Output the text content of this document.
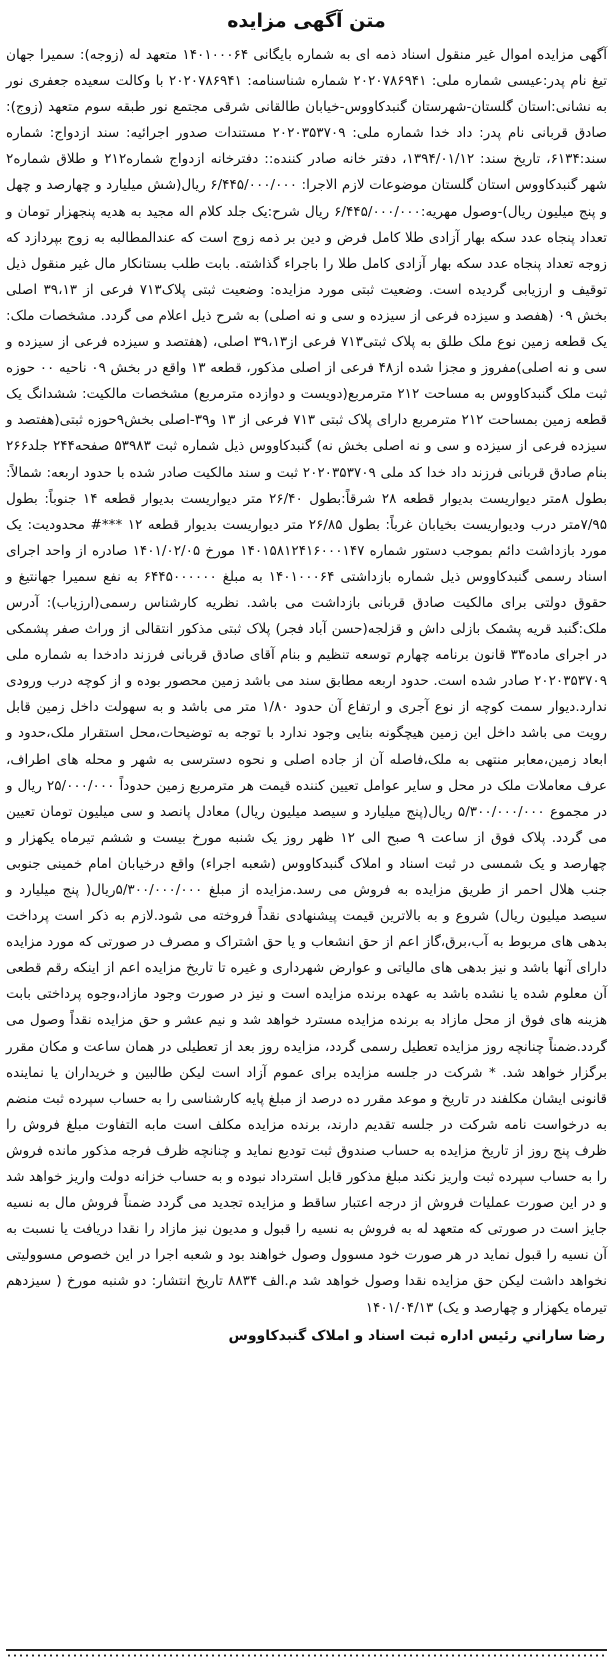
متن آگهی مزایده

آگهی مزایده اموال غیر منقول اسناد ذمه ای به شماره بایگانی ۱۴۰۱۰۰۰۶۴ متعهد له (زوجه): سمیرا جهان تیغ نام پدر:عیسی شماره ملی: ۲۰۲۰۷۸۶۹۴۱ شماره شناسنامه: ۲۰۲۰۷۸۶۹۴۱ با وکالت سعیده جعفری نور به نشانی:استان گلستان-شهرستان گنبدکاووس-خیابان طالقانی شرقی مجتمع نور طبقه سوم متعهد (زوج): صادق قربانی نام پدر: داد خدا شماره ملی: ۲۰۲۰۳۵۳۷۰۹ مستندات صدور اجرائیه: سند ازدواج: شماره سند:۶۱۳۴، تاریخ سند: ۱۳۹۴/۰۱/۱۲، دفتر خانه صادر کننده:: دفترخانه ازدواج شماره۲۱۲ و طلاق شماره۲ شهر گنبدکاووس استان گلستان موضوعات لازم الاجرا: ۶/۴۴۵/۰۰۰/۰۰۰ ریال(شش میلیارد و چهارصد و چهل و پنج میلیون ریال)-وصول مهریه:۶/۴۴۵/۰۰۰/۰۰۰ ریال شرح:یک جلد کلام اله مجید به هدیه پنجهزار تومان و تعداد پنجاه عدد سکه بهار آزادی طلا کامل فرض و دین بر ذمه زوج است که عندالمطالبه به زوج بپردازد که زوجه تعداد پنجاه عدد سکه بهار آزادی کامل طلا را باجراء گذاشته. بابت طلب بستانکار مال غیر منقول ذیل توقیف و ارزیابی گردیده است. وضعیت ثبتی مورد مزایده: وضعیت ثبتی پلاک۷۱۳ فرعی از ۳۹،۱۳ اصلی بخش ۰۹ (هفصد و سیزده فرعی از سیزده و سی و نه اصلی) به شرح ذیل اعلام می گردد. مشخصات ملک: یک قطعه زمین نوع ملک طلق به پلاک ثبتی۷۱۳ فرعی از۳۹،۱۳ اصلی، (هفتصد و سیزده فرعی از سیزده و سی و نه اصلی)مفروز و مجزا شده از۴۸ فرعی از اصلی مذکور، قطعه ۱۳ واقع در بخش ۰۹ ناحیه ۰۰ حوزه ثبت ملک گنبدکاووس به مساحت ۲۱۲ مترمربع(دویست و دوازده مترمربع) مشخصات مالکیت: ششدانگ یک قطعه زمین بمساحت ۲۱۲ مترمربع دارای پلاک ثبتی ۷۱۳ فرعی از ۱۳ و۳۹-اصلی بخش۹حوزه ثبتی(هفتصد و سیزده فرعی از سیزده و سی و نه اصلی بخش نه) گنبدکاووس ذیل شماره ثبت ۵۳۹۸۳ صفحه۲۴۴ جلد۲۶۶ بنام صادق قربانی فرزند داد خدا کد ملی ۲۰۲۰۳۵۳۷۰۹ ثبت و سند مالکیت صادر شده با حدود اربعه: شمالاً: بطول ۸متر دیواریست بدیوار قطعه ۲۸ شرقاً:بطول ۲۶/۴۰ متر دیواریست بدیوار قطعه ۱۴ جنوباً: بطول ۷/۹۵متر درب ودیواریست بخیابان غرباً: بطول ۲۶/۸۵ متر دیواریست بدیوار قطعه ۱۲ ***# محدودیت: یک مورد بازداشت دائم بموجب دستور شماره ۱۴۰۱۵۸۱۲۴۱۶۰۰۰۱۴۷ مورخ ۱۴۰۱/۰۲/۰۵ صادره از واحد اجرای اسناد رسمی گنبدکاووس ذیل شماره بازداشتی ۱۴۰۱۰۰۰۶۴ به مبلغ ۶۴۴۵۰۰۰۰۰۰ به نفع سمیرا جهانتیغ و حقوق دولتی برای مالکیت صادق قربانی بازداشت می باشد. نظریه کارشناس رسمی(ارزیاب): آدرس ملک:گنبد قریه پشمک بازلی داش و قزلجه(حسن آباد فجر) پلاک ثبتی مذکور انتقالی از وراث صفر پشمکی در اجرای ماده۳۳ قانون برنامه چهارم توسعه تنظیم و بنام آقای صادق قربانی فرزند دادخدا به شماره ملی ۲۰۲۰۳۵۳۷۰۹ صادر شده است. حدود اربعه مطابق سند می باشد زمین محصور بوده و از کوچه درب ورودی ندارد.دیوار سمت کوچه از نوع آجری و ارتفاع آن حدود ۱/۸۰ متر می باشد و به سهولت داخل زمین قابل رویت می باشد داخل این زمین هیچگونه بنایی وجود ندارد با توجه به توضیحات،محل استقرار ملک،حدود و ابعاد زمین،معابر منتهی به ملک،فاصله آن از جاده اصلی و نحوه دسترسی به شهر و محله های اطراف، عرف معاملات ملک در محل و سایر عوامل تعیین کننده قیمت هر مترمربع زمین حدوداً ۲۵/۰۰۰/۰۰۰ ریال و در مجموع ۵/۳۰۰/۰۰۰/۰۰۰ ریال(پنج میلیارد و سیصد میلیون ریال) معادل پانصد و سی میلیون تومان تعیین می گردد. پلاک فوق از ساعت ۹ صبح الی ۱۲ ظهر روز یک شنبه مورخ بیست و ششم تیرماه یکهزار و چهارصد و یک شمسی در ثبت اسناد و املاک گنبدکاووس (شعبه اجراء) واقع درخیابان امام خمینی جنوبی جنب هلال احمر از طریق مزایده به فروش می رسد.مزایده از مبلغ ۵/۳۰۰/۰۰۰/۰۰۰ریال( پنج میلیارد و سیصد میلیون ریال) شروع و به بالاترین قیمت پیشنهادی نقداً فروخته می شود.لازم به ذکر است پرداخت بدهی های مربوط به آب،برق،گاز اعم از حق انشعاب و یا حق اشتراک و مصرف در صورتی که مورد مزایده دارای آنها باشد و نیز بدهی های مالیاتی و عوارض شهرداری و غیره تا تاریخ مزایده اعم از اینکه رقم قطعی آن معلوم شده یا نشده باشد به عهده برنده مزایده است و نیز در صورت وجود مازاد،وجوه پرداختی بابت هزینه های فوق از محل مازاد به برنده مزایده مسترد خواهد شد و نیم عشر و حق مزایده نقداً وصول می گردد.ضمناً چنانچه روز مزایده تعطیل رسمی گردد، مزایده روز بعد از تعطیلی در همان ساعت و مکان مقرر برگزار خواهد شد. * شرکت در جلسه مزایده برای عموم آزاد است لیکن طالبین و خریداران یا نماینده قانونی ایشان مکلفند در تاریخ و موعد مقرر ده درصد از مبلغ پایه کارشناسی را به حساب سپرده ثبت منضم به درخواست نامه شرکت در جلسه تقدیم دارند، برنده مزایده مکلف است مابه التفاوت مبلغ فروش را ظرف پنج روز از تاریخ مزایده به حساب صندوق ثبت تودیع نماید و چنانچه ظرف فرجه مذکور مانده فروش را به حساب سپرده ثبت واریز نکند مبلغ مذکور قابل استرداد نبوده و به حساب خزانه دولت واریز خواهد شد و در این صورت عملیات فروش از درجه اعتبار ساقط و مزایده تجدید می گردد ضمناً فروش مال به نسیه جایز است در صورتی که متعهد له به فروش به نسیه را قبول و مدیون نیز مازاد را نقدا دریافت یا نسبت به آن نسیه را قبول نماید در هر صورت خود مسوول وصول خواهند بود و شعبه اجرا در این خصوص مسوولیتی نخواهد داشت لیکن حق مزایده نقدا وصول خواهد شد م.الف ۸۸۳۴ تاریخ انتشار: دو شنبه مورخ ( سیزدهم تیرماه یکهزار و چهارصد و یک) ۱۴۰۱/۰۴/۱۳

رضا ساراني رئیس اداره ثبت اسناد و املاک گنبدکاووس
